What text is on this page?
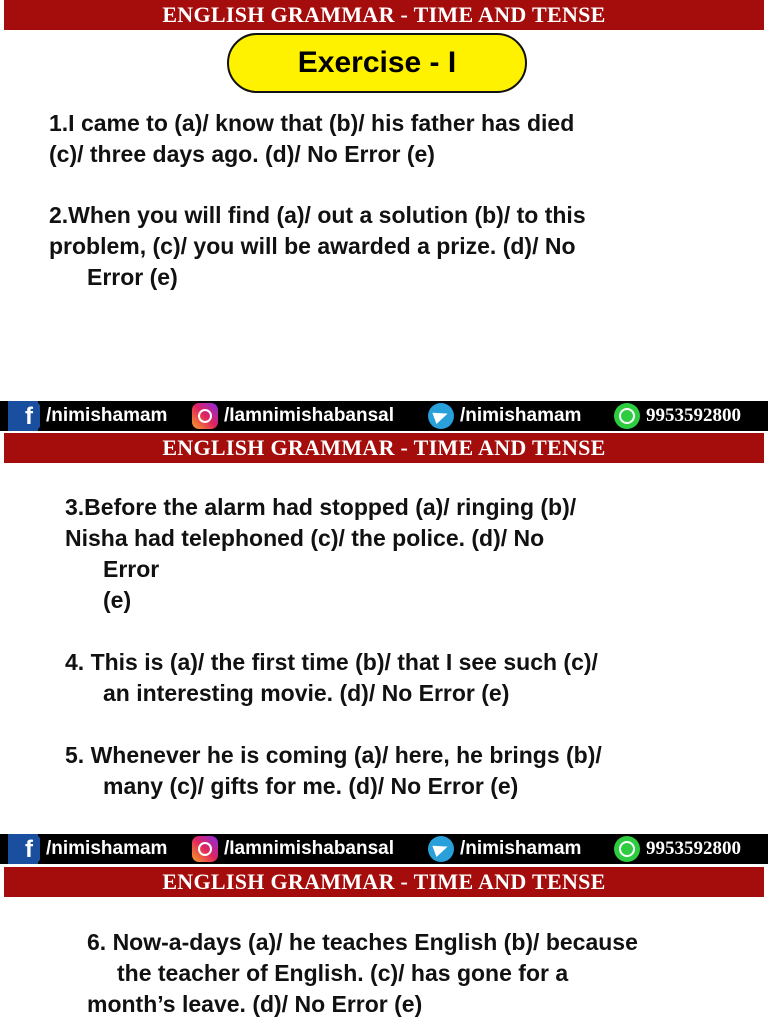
ENGLISH GRAMMAR - TIME AND TENSE
Exercise - I
1.I came to (a)/ know that (b)/ his father has died
(c)/ three days ago. (d)/ No Error (e)
2.When you will find (a)/ out a solution (b)/ to this
problem, (c)/ you will be awarded a prize. (d)/ No
Error (e)
f /nimishamam	/Iamnimishabansal	/nimishamam	9953592800
ENGLISH GRAMMAR - TIME AND TENSE
3.Before the alarm had stopped (a)/ ringing (b)/
Nisha had telephoned (c)/ the police. (d)/ No
Error
(e)
4. This is (a)/ the first time (b)/ that I see such (c)/
an interesting movie. (d)/ No Error (e)
5. Whenever he is coming (a)/ here, he brings (b)/
many (c)/ gifts for me. (d)/ No Error (e)
f /nimishamam	/Iamnimishabansal	/nimishamam	9953592800
ENGLISH GRAMMAR - TIME AND TENSE
6. Now-a-days (a)/ he teaches English (b)/ because
the teacher of English. (c)/ has gone for a
month’s leave. (d)/ No Error (e)
